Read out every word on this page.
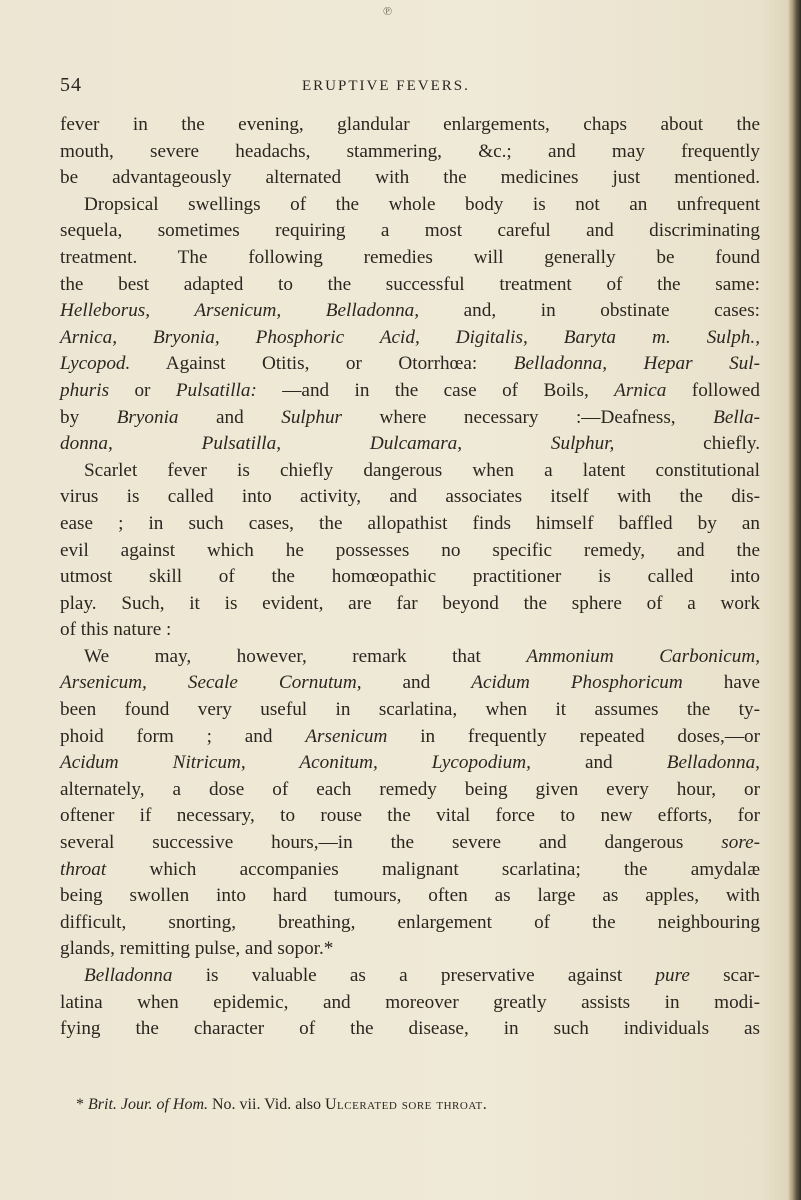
℗
54	ERUPTIVE FEVERS.
fever in the evening, glandular enlargements, chaps about the
mouth, severe headachs, stammering, &c.; and may frequently
be advantageously alternated with the medicines just mentioned.
Dropsical swellings of the whole body is not an unfrequent
sequela, sometimes requiring a most careful and discriminating
treatment. The following remedies will generally be found
the best adapted to the successful treatment of the same:
Helleborus, Arsenicum, Belladonna, and, in obstinate cases:
Arnica, Bryonia, Phosphoric Acid, Digitalis, Baryta m. Sulph.,
Lycopod. Against Otitis, or Otorrhœa: Belladonna, Hepar Sul-
phuris or Pulsatilla: —and in the case of Boils, Arnica followed
by Bryonia and Sulphur where necessary :—Deafness, Bella-
donna, Pulsatilla, Dulcamara, Sulphur, chiefly.
Scarlet fever is chiefly dangerous when a latent constitutional
virus is called into activity, and associates itself with the dis-
ease ; in such cases, the allopathist finds himself baffled by an
evil against which he possesses no specific remedy, and the
utmost skill of the homœopathic practitioner is called into
play. Such, it is evident, are far beyond the sphere of a work
of this nature :
We may, however, remark that Ammonium Carbonicum,
Arsenicum, Secale Cornutum, and Acidum Phosphoricum have
been found very useful in scarlatina, when it assumes the ty-
phoid form ; and Arsenicum in frequently repeated doses,—or
Acidum Nitricum, Aconitum, Lycopodium, and Belladonna,
alternately, a dose of each remedy being given every hour, or
oftener if necessary, to rouse the vital force to new efforts, for
several successive hours,—in the severe and dangerous sore-
throat which accompanies malignant scarlatina; the amydalæ
being swollen into hard tumours, often as large as apples, with
difficult, snorting, breathing, enlargement of the neighbouring
glands, remitting pulse, and sopor.*
Belladonna is valuable as a preservative against pure scar-
latina when epidemic, and moreover greatly assists in modi-
fying the character of the disease, in such individuals as
* Brit. Jour. of Hom. No. vii. Vid. also Ulcerated sore throat.
